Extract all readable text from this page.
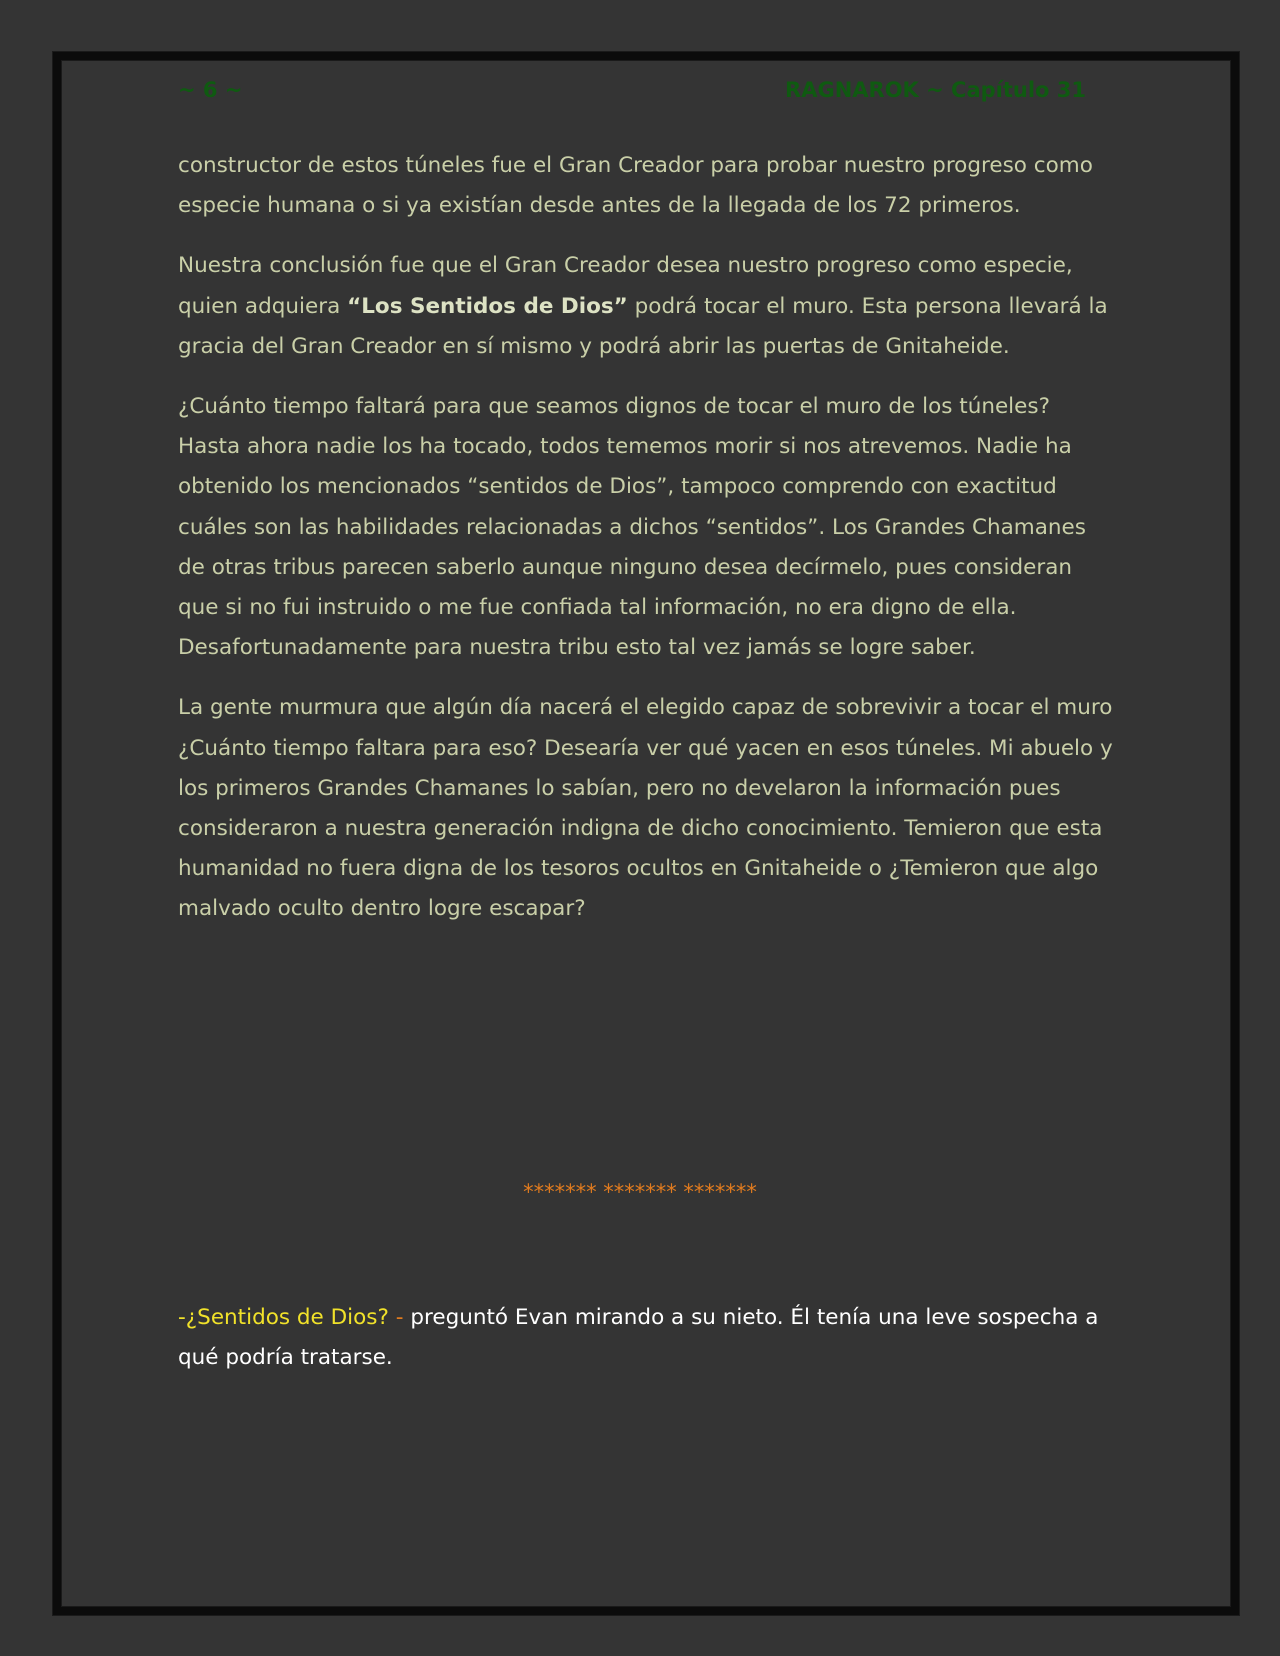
~ 6 ~	RAGNAROK ~ Capítulo 31

constructor de estos túneles fue el Gran Creador para probar nuestro progreso como especie humana o si ya existían desde antes de la llegada de los 72 primeros.

Nuestra conclusión fue que el Gran Creador desea nuestro progreso como especie, quien adquiera “Los Sentidos de Dios” podrá tocar el muro. Esta persona llevará la gracia del Gran Creador en sí mismo y podrá abrir las puertas de Gnitaheide.

¿Cuánto tiempo faltará para que seamos dignos de tocar el muro de los túneles? Hasta ahora nadie los ha tocado, todos tememos morir si nos atrevemos. Nadie ha obtenido los mencionados “sentidos de Dios”, tampoco comprendo con exactitud cuáles son las habilidades relacionadas a dichos “sentidos”. Los Grandes Chamanes de otras tribus parecen saberlo aunque ninguno desea decírmelo, pues consideran que si no fui instruido o me fue confiada tal información, no era digno de ella. Desafortunadamente para nuestra tribu esto tal vez jamás se logre saber.

La gente murmura que algún día nacerá el elegido capaz de sobrevivir a tocar el muro ¿Cuánto tiempo faltara para eso? Desearía ver qué yacen en esos túneles. Mi abuelo y los primeros Grandes Chamanes lo sabían, pero no develaron la información pues consideraron a nuestra generación indigna de dicho conocimiento. Temieron que esta humanidad no fuera digna de los tesoros ocultos en Gnitaheide o ¿Temieron que algo malvado oculto dentro logre escapar?

******* ******* *******

-¿Sentidos de Dios? - preguntó Evan mirando a su nieto. Él tenía una leve sospecha a qué podría tratarse.
